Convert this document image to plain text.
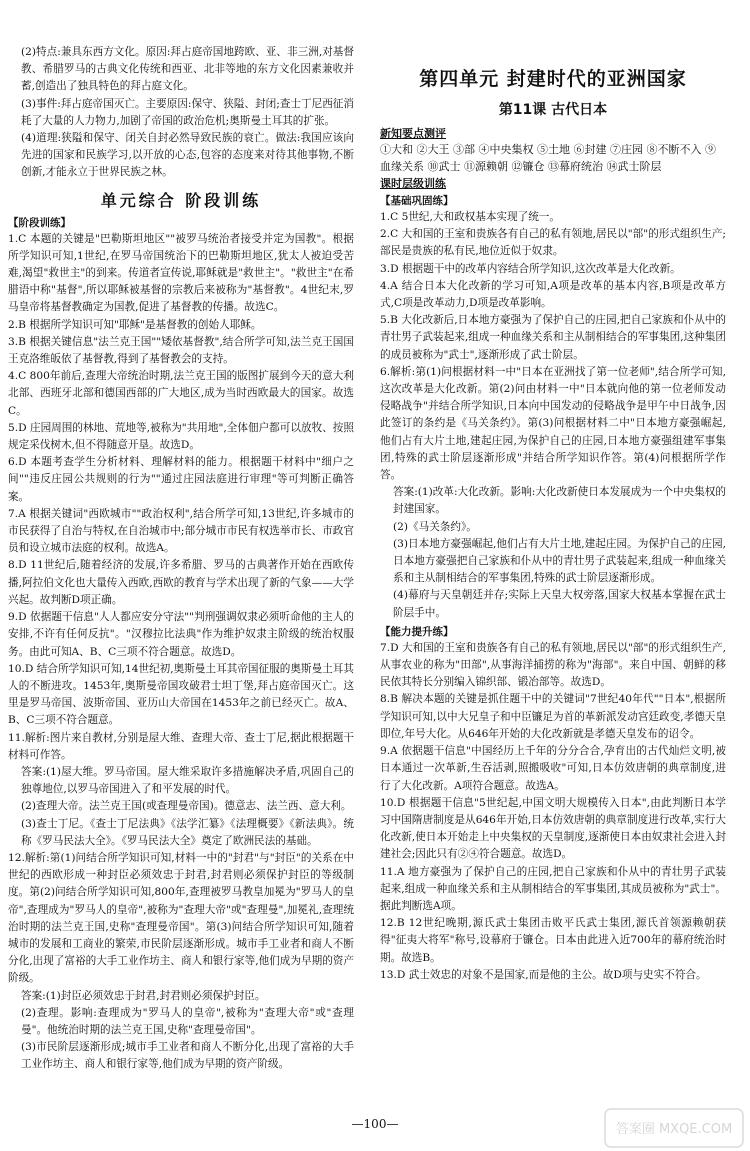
(2)特点:兼具东西方文化。原因:拜占庭帝国地跨欧、亚、非三洲,对基督教、希腊罗马的古典文化传统和西亚、北非等地的东方文化因素兼收并蓄,创造出了独具特色的拜占庭文化。

(3)事件:拜占庭帝国灭亡。主要原因:保守、狭隘、封闭;查士丁尼西征消耗了大量的人力物力,加剧了帝国的政治危机;奥斯曼土耳其的扩张。

(4)道理:狭隘和保守、闭关自封必然导致民族的衰亡。做法:我国应该向先进的国家和民族学习,以开放的心态,包容的态度来对待其他事物,不断创新,才能永立于世界民族之林。

单元综合 阶段训练
【阶段训练】

1.C 本题的关键是"巴勒斯坦地区""被罗马统治者接受并定为国教"。根据所学知识可知,1世纪,在罗马帝国统治下的巴勒斯坦地区,犹太人被迫受苦难,渴望"救世主"的到来。传道者宣传说,耶稣就是"救世主"。"救世主"在希腊语中称"基督",所以耶稣被基督的宗教后来被称为"基督教"。4世纪末,罗马皇帝将基督教确定为国教,促进了基督教的传播。故选C。

2.B 根据所学知识可知"耶稣"是基督教的创始人耶稣。

3.B 根据关键信息"法兰克王国""矮依基督教",结合所学可知,法兰克王国国王克洛维皈依了基督教,得到了基督教会的支持。

4.C 800年前后,查理大帝统治时期,法兰克王国的版图扩展到今天的意大利北部、西班牙北部和德国西部的广大地区,成为当时西欧最大的国家。故选C。

5.D 庄园周围的林地、荒地等,被称为"共用地",全体佃户都可以放牧、按照规定采伐树木,但不得随意开垦。故选D。

6.D 本题考查学生分析材料、理解材料的能力。根据题干材料中"细户之间""违反庄园公共规则的行为""通过庄园法庭进行审理"等可判断正确答案。

7.A 根据关键词"西欧城市""政治权利",结合所学可知,13世纪,许多城市的市民获得了自治与特权,在自治城市中;部分城市市民有权选举市长、市政官员和设立城市法庭的权利。故选A。

8.D 11世纪后,随着经济的发展,许多希腊、罗马的古典著作开始在西欧传播,阿拉伯文化也大量传入西欧,西欧的教育与学术出现了新的气象——大学兴起。故判断D项正确。

9.D 依据题干信息"人人都应安分守法""判刑强调奴隶必须听命他的主人的安排,不许有任何反抗"。"汉穆拉比法典"作为维护奴隶主阶级的统治权服务。由此可知A、B、C三项不符合题意。故选D。

10.D 结合所学知识可知,14世纪初,奥斯曼土耳其帝国征服的奥斯曼土耳其人的不断进攻。1453年,奥斯曼帝国攻破君士坦丁堡,拜占庭帝国灭亡。这里是罗马帝国、波斯帝国、亚历山大帝国在1453年之前已经灭亡。故A、B、C三项不符合题意。

11.解析:图片来自教材,分别是屋大维、查理大帝、查士丁尼,据此根据题干材料可作答。

答案:(1)屋大维。罗马帝国。屋大维采取许多措施解决矛盾,巩固自己的独尊地位,以罗马帝国进入了和平发展的时代。

(2)查理大帝。法兰克王国(或查理曼帝国)。德意志、法兰西、意大利。

(3)查士丁尼。《查士丁尼法典》《法学汇纂》《法理概要》《新法典》。统称《罗马民法大全》。《罗马民法大全》奠定了欧洲民法的基础。

12.解析:第(1)问结合所学知识可知,材料一中的"封君"与"封臣"的关系在中世纪的西欧形成一种封臣必须效忠于封君,封君则必须保护封臣的等级制度。第(2)问结合所学知识可知,800年,查理被罗马教皇加冕为"罗马人的皇帝",查理成为"罗马人的皇帝",被称为"查理大帝"或"查理曼",加冕礼,查理统治时期的法兰克王国,史称"查理曼帝国"。第(3)问结合所学知识可知,随着城市的发展和工商业的繁荣,市民阶层逐渐形成。城市手工业者和商人不断分化,出现了富裕的大手工业作坊主、商人和银行家等,他们成为早期的资产阶级。

答案:(1)封臣必须效忠于封君,封君则必须保护封臣。

(2)查理。影响:查理成为"罗马人的皇帝",被称为"查理大帝"或"查理曼"。他统治时期的法兰克王国,史称"查理曼帝国"。

(3)市民阶层逐渐形成;城市手工业者和商人不断分化,出现了富裕的大手工业作坊主、商人和银行家等,他们成为早期的资产阶级。

第四单元 封建时代的亚洲国家
第11课 古代日本

新知要点测评

①大和 ②大王 ③部 ④中央集权 ⑤土地 ⑥封建 ⑦庄园 ⑧不断不入 ⑨血缘关系 ⑩武士 ⑪源赖朝 ⑫镰仓 ⑬幕府统治 ⑭武士阶层

课时层级训练

【基础巩固练】

1.C 5世纪,大和政权基本实现了统一。

2.C 大和国的王室和贵族各有自己的私有领地,居民以"部"的形式组织生产;部民是贵族的私有民,地位近似于奴隶。

3.D 根据题干中的改革内容结合所学知识,这次改革是大化改新。

4.A 结合日本大化改新的学习可知,A项是改革的基本内容,B项是改革方式,C项是改革动力,D项是改革影响。

5.B 大化改新后,日本地方豪强为了保护自己的庄园,把自己家族和仆从中的青壮男子武装起来,组成一种血缘关系和主从制相结合的军事集团,这种集团的成员被称为"武士",逐渐形成了武士阶层。

6.解析:第(1)问根据材料一中"日本在亚洲找了第一位老师",结合所学可知,这次改革是大化改新。第(2)问由材料一中"日本就向他的第一位老师发动侵略战争"并结合所学知识,日本向中国发动的侵略战争是甲午中日战争,因此签订的条约是《马关条约》。第(3)问根据材料二中"日本地方豪强崛起,他们占有大片土地,建起庄园,为保护自己的庄园,日本地方豪强组建军事集团,特殊的武士阶层逐渐形成"并结合所学知识作答。第(4)问根据所学作答。

答案:(1)改革:大化改新。影响:大化改新使日本发展成为一个中央集权的封建国家。

(2)《马关条约》。

(3)日本地方豪强崛起,他们占有大片土地,建起庄园。为保护自己的庄园,日本地方豪强把自己家族和仆从中的青壮男子武装起来,组成一种血缘关系和主从制相结合的军事集团,特殊的武士阶层逐渐形成。

(4)幕府与天皇朝廷并存;实际上天皇大权旁落,国家大权基本掌握在武士阶层手中。

【能力提升练】

7.D 大和国的王室和贵族各有自己的私有领地,居民以"部"的形式组织生产,从事农业的称为"田部",从事海洋捕捞的称为"海部"。来自中国、朝鲜的移民依其特长分别编入锦织部、锻冶部等。故选D。

8.B 解决本题的关键是抓住题干中的关键词"7世纪40年代""日本",根据所学知识可知,以中大兄皇子和中臣镰足为首的革新派发动宫廷政变,孝德天皇即位,年号大化。从646年开始的大化改新就是孝德天皇发布的诏令。

9.A 依据题干信息"中国经历上千年的分分合合,孕育出的古代灿烂文明,被日本通过一次革新,生吞活剥,照搬吸收"可知,日本仿效唐朝的典章制度,进行了大化改新。A项符合题意。故选A。

10.D 根据题干信息"5世纪起,中国文明大规模传入日本",由此判断日本学习中国隋唐制度是从646年开始,日本仿效唐朝的典章制度进行改革,实行大化改新,使日本开始走上中央集权的天皇制度,逐渐使日本由奴隶社会进入封建社会;因此只有②④符合题意。故选D。

11.A 地方豪强为了保护自己的庄园,把自己家族和仆从中的青壮男子武装起来,组成一种血缘关系和主从制相结合的军事集团,其成员被称为"武士"。据此判断选A项。

12.B 12世纪晚期,源氏武士集团击败平氏武士集团,源氏首领源赖朝获得"征夷大将军"称号,设幕府于镰仓。日本由此进入近700年的幕府统治时期。故选B。

13.D 武士效忠的对象不是国家,而是他的主公。故D项与史实不符合。

—100—	答案圈 MXQE.COM
